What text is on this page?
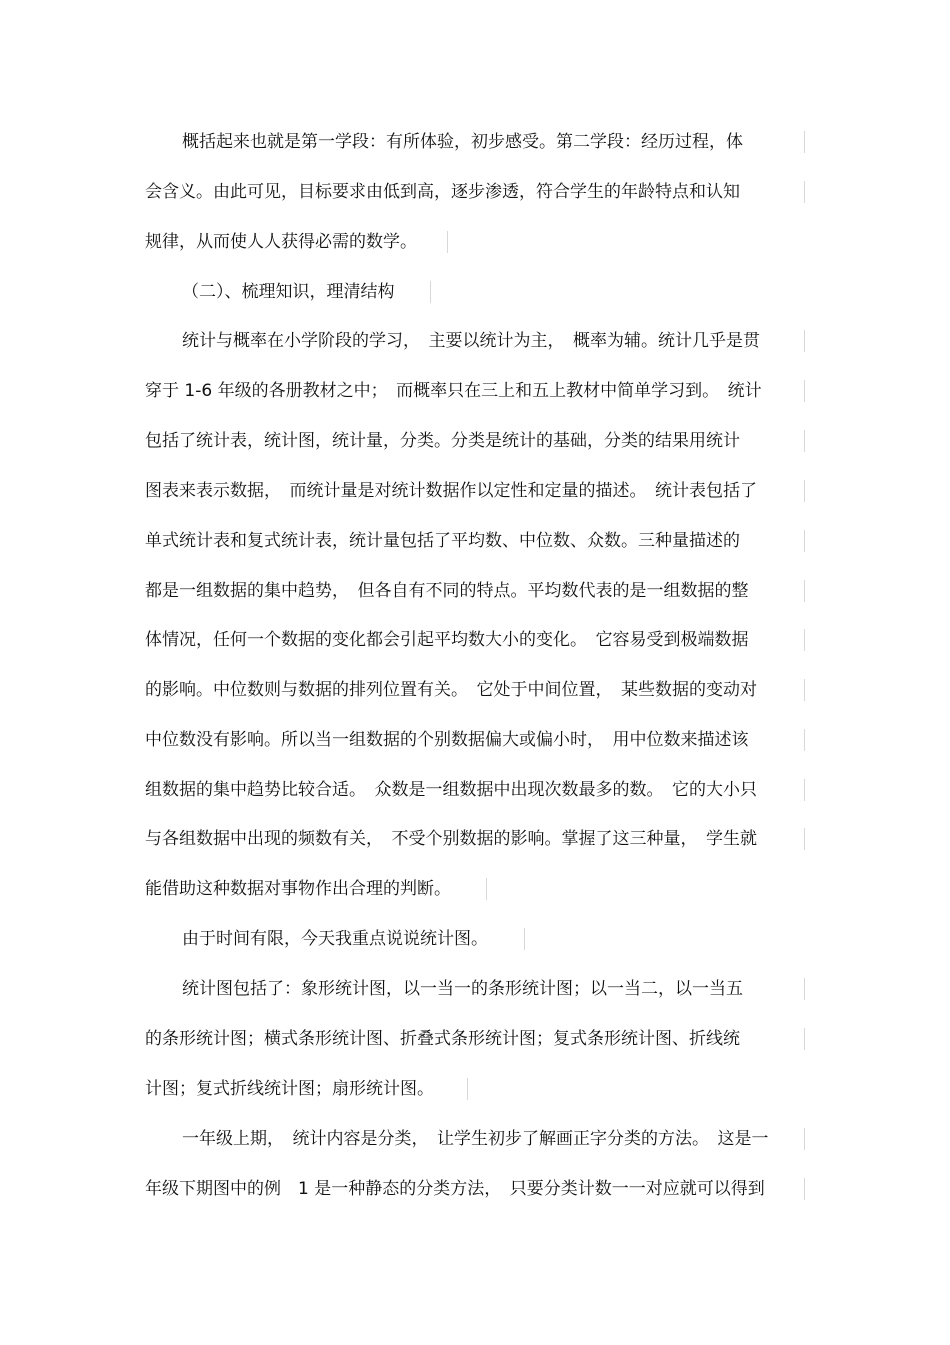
概括起来也就是第一学段：有所体验，初步感受。第二学段：经历过程，体
会含义。由此可见，目标要求由低到高，逐步渗透，符合学生的年龄特点和认知
规律，从而使人人获得必需的数学。
（二）、梳理知识，理清结构
统计与概率在小学阶段的学习，　主要以统计为主，　概率为辅。统计几乎是贯
穿于 1-6 年级的各册教材之中；　而概率只在三上和五上教材中简单学习到。　统计
包括了统计表，统计图，统计量，分类。分类是统计的基础，分类的结果用统计
图表来表示数据，　而统计量是对统计数据作以定性和定量的描述。　统计表包括了
单式统计表和复式统计表，统计量包括了平均数、中位数、众数。三种量描述的
都是一组数据的集中趋势，　但各自有不同的特点。平均数代表的是一组数据的整
体情况，任何一个数据的变化都会引起平均数大小的变化。　它容易受到极端数据
的影响。中位数则与数据的排列位置有关。　它处于中间位置，　某些数据的变动对
中位数没有影响。所以当一组数据的个别数据偏大或偏小时，　用中位数来描述该
组数据的集中趋势比较合适。　众数是一组数据中出现次数最多的数。　它的大小只
与各组数据中出现的频数有关，　不受个别数据的影响。掌握了这三种量，　学生就
能借助这种数据对事物作出合理的判断。
由于时间有限，今天我重点说说统计图。
统计图包括了：象形统计图，以一当一的条形统计图；以一当二，以一当五
的条形统计图；横式条形统计图、折叠式条形统计图；复式条形统计图、折线统
计图；复式折线统计图；扇形统计图。
一年级上期，　统计内容是分类，　让学生初步了解画正字分类的方法。　这是一
年级下期图中的例　1 是一种静态的分类方法，　只要分类计数一一对应就可以得到
